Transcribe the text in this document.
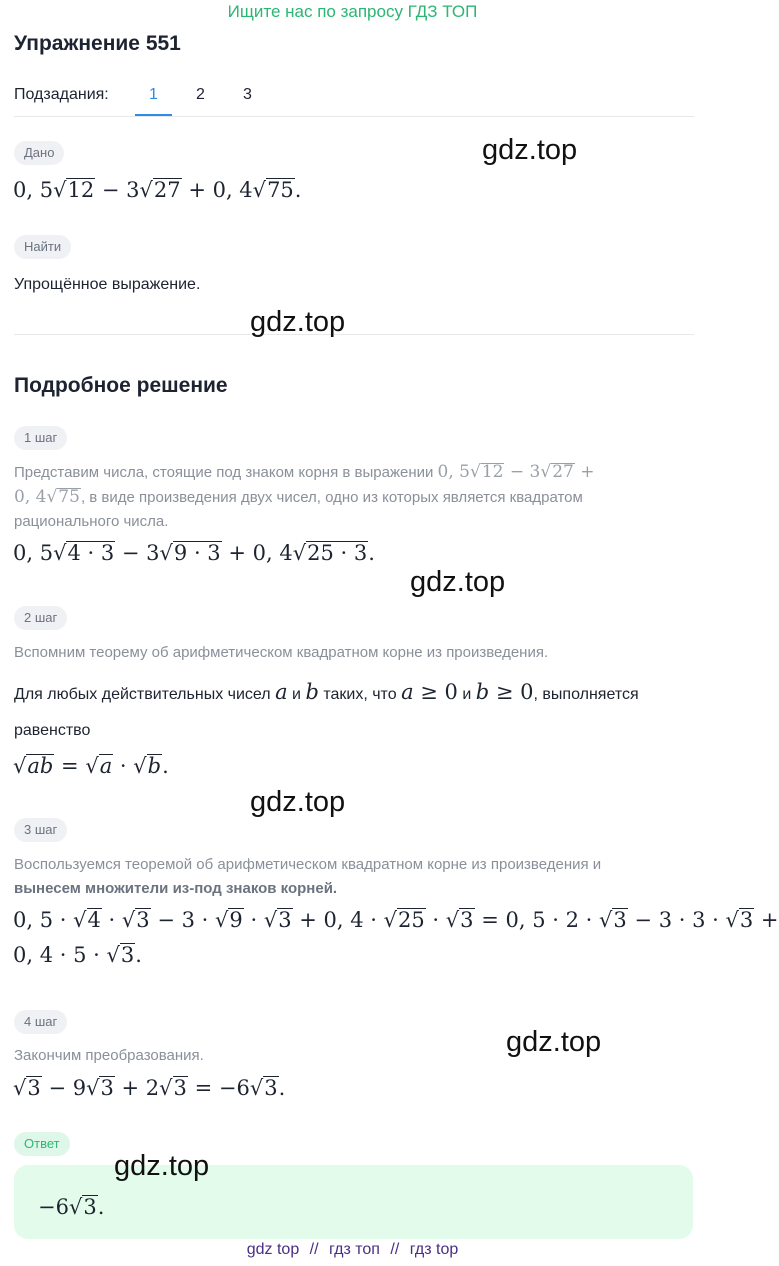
Ищите нас по запросу ГДЗ ТОП
Упражнение 551
Подзадания:	1	2	3
Дано
0, 5√12 − 3√27 + 0, 4√75.
Найти
Упрощённое выражение.
Подробное решение
1 шаг
Представим числа, стоящие под знаком корня в выражении 0, 5√12 − 3√27 +
0, 4√75, в виде произведения двух чисел, одно из которых является квадратом
рационального числа.
0, 5√4 · 3 − 3√9 · 3 + 0, 4√25 · 3.
2 шаг
Вспомним теорему об арифметическом квадратном корне из произведения.
Для любых действительных чисел a и b таких, что a ≥ 0 и b ≥ 0, выполняется
равенство
√ab = √a · √b.
3 шаг
Воспользуемся теоремой об арифметическом квадратном корне из произведения и
вынесем множители из-под знаков корней.
0, 5 · √4 · √3 − 3 · √9 · √3 + 0, 4 · √25 · √3 = 0, 5 · 2 · √3 − 3 · 3 · √3 +
0, 4 · 5 · √3.
4 шаг
Закончим преобразования.
√3 − 9√3 + 2√3 = −6√3.
Ответ
−6√3.
gdz.top
gdz.top
gdz.top
gdz.top
gdz.top
gdz.top
gdz top // гдз топ // гдз top
